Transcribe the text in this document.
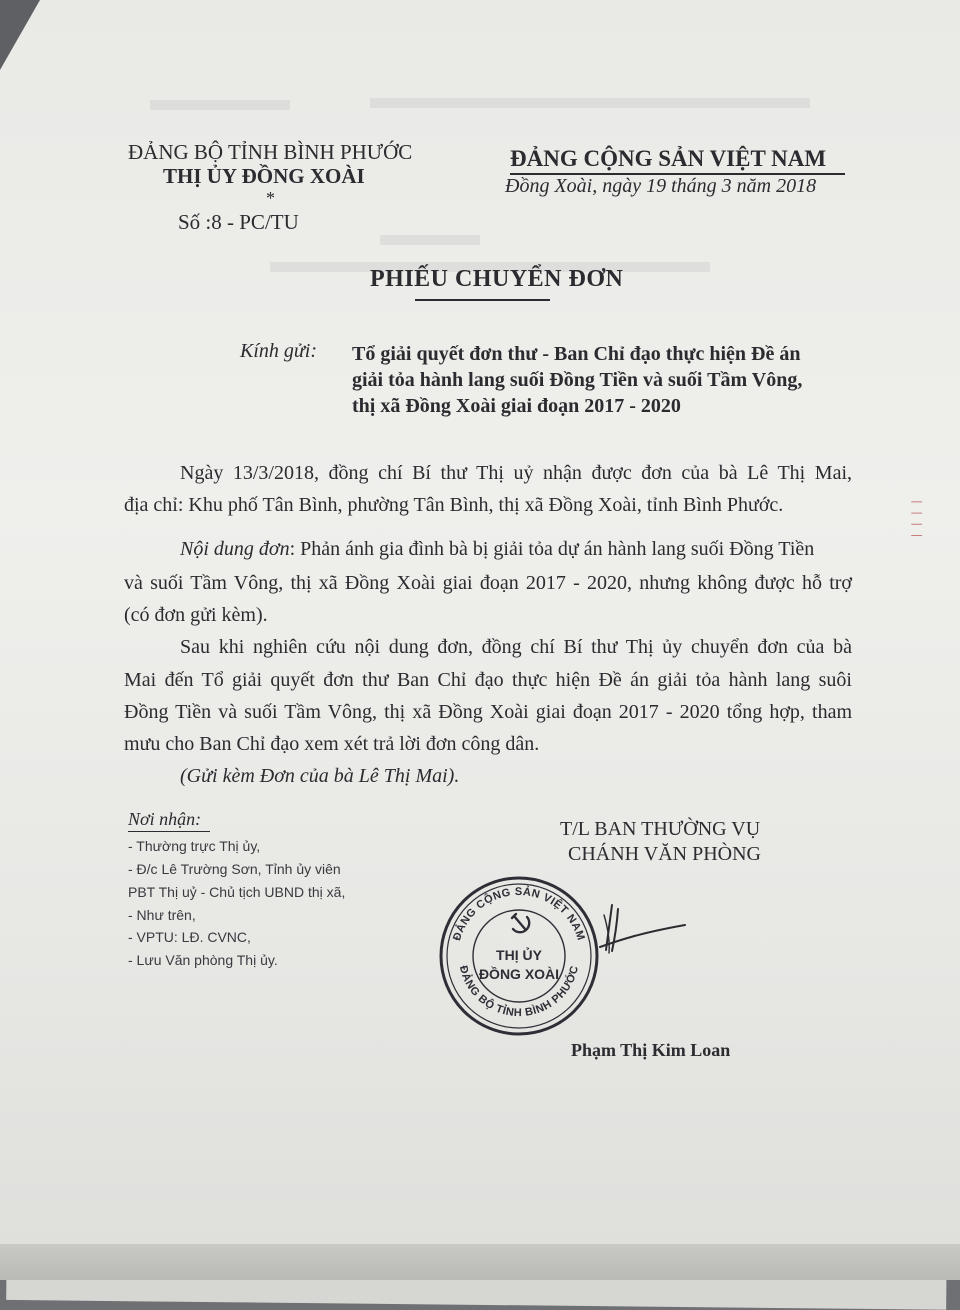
ĐẢNG BỘ TỈNH BÌNH PHƯỚC
THỊ ỦY ĐỒNG XOÀI
*
Số :8 - PC/TU
ĐẢNG CỘNG SẢN VIỆT NAM
Đồng Xoài, ngày 19 tháng 3 năm 2018
PHIẾU CHUYỂN ĐƠN
Kính gửi: Tổ giải quyết đơn thư - Ban Chỉ đạo thực hiện Đề án
giải tỏa hành lang suối Đồng Tiền và suối Tầm Vông,
thị xã Đồng Xoài giai đoạn 2017 - 2020
Ngày 13/3/2018, đồng chí Bí thư Thị uỷ nhận được đơn của bà Lê Thị Mai,
địa chỉ: Khu phố Tân Bình, phường Tân Bình, thị xã Đồng Xoài, tỉnh Bình Phước.
Nội dung đơn: Phản ánh gia đình bà bị giải tỏa dự án hành lang suối Đồng Tiền
và suối Tầm Vông, thị xã Đồng Xoài giai đoạn 2017 - 2020, nhưng không được hỗ trợ
(có đơn gửi kèm).
Sau khi nghiên cứu nội dung đơn, đồng chí Bí thư Thị ủy chuyển đơn của bà
Mai đến Tổ giải quyết đơn thư Ban Chỉ đạo thực hiện Đề án giải tỏa hành lang suôi
Đồng Tiền và suối Tầm Vông, thị xã Đồng Xoài giai đoạn 2017 - 2020 tổng hợp, tham
mưu cho Ban Chỉ đạo xem xét trả lời đơn công dân.
(Gửi kèm Đơn của bà Lê Thị Mai).
Nơi nhận:
- Thường trực Thị ủy,
- Đ/c Lê Trường Sơn, Tỉnh ủy viên
PBT Thị uỷ - Chủ tịch UBND thị xã,
- Như trên,
- VPTU: LĐ. CVNC,
- Lưu Văn phòng Thị ủy.
T/L BAN THƯỜNG VỤ
CHÁNH VĂN PHÒNG
ĐẢNG CỘNG SẢN VIỆT NAM
ĐẢNG BỘ TỈNH BÌNH PHƯỚC
THỊ ỦY
ĐỒNG XOÀI
Phạm Thị Kim Loan
| | | |
